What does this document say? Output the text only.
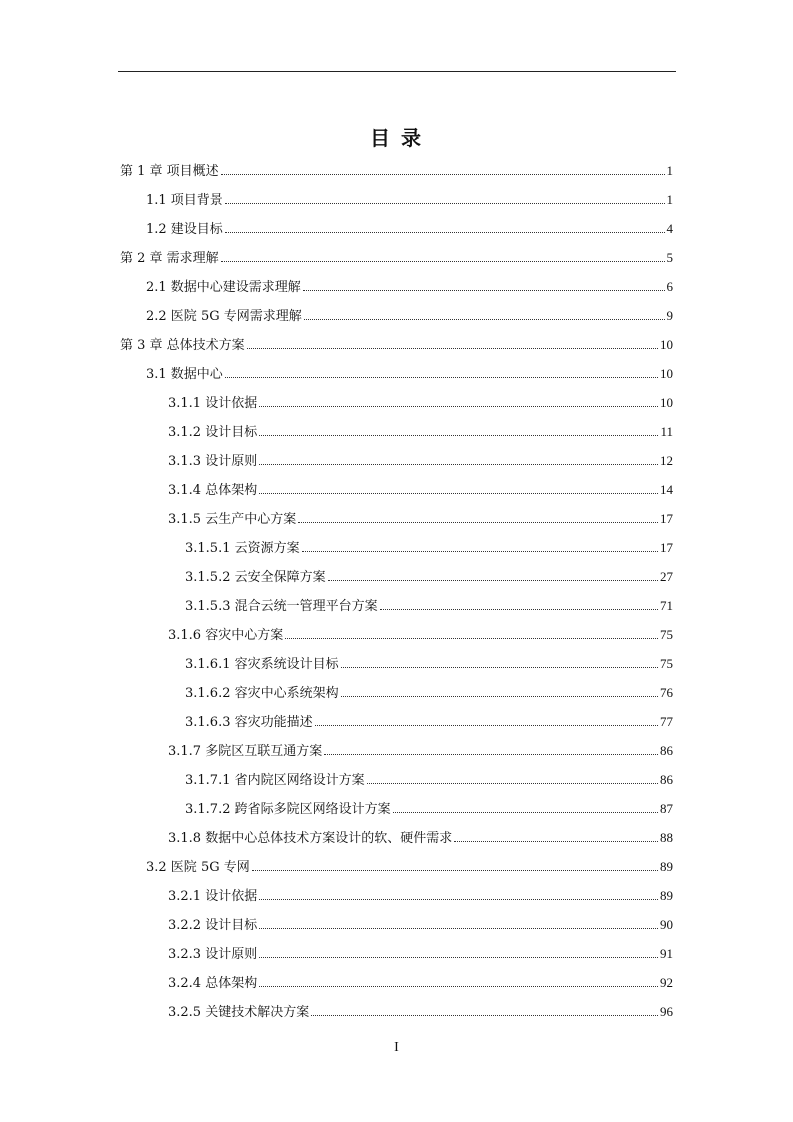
目 录
第 1 章 项目概述	1
1.1 项目背景	1
1.2 建设目标	4
第 2 章 需求理解	5
2.1 数据中心建设需求理解	6
2.2 医院 5G 专网需求理解	9
第 3 章 总体技术方案	10
3.1 数据中心	10
3.1.1 设计依据	10
3.1.2 设计目标	11
3.1.3 设计原则	12
3.1.4 总体架构	14
3.1.5 云生产中心方案	17
3.1.5.1 云资源方案	17
3.1.5.2 云安全保障方案	27
3.1.5.3 混合云统一管理平台方案	71
3.1.6 容灾中心方案	75
3.1.6.1 容灾系统设计目标	75
3.1.6.2 容灾中心系统架构	76
3.1.6.3 容灾功能描述	77
3.1.7 多院区互联互通方案	86
3.1.7.1 省内院区网络设计方案	86
3.1.7.2 跨省际多院区网络设计方案	87
3.1.8 数据中心总体技术方案设计的软、硬件需求	88
3.2 医院 5G 专网	89
3.2.1 设计依据	89
3.2.2 设计目标	90
3.2.3 设计原则	91
3.2.4 总体架构	92
3.2.5 关键技术解决方案	96
I
